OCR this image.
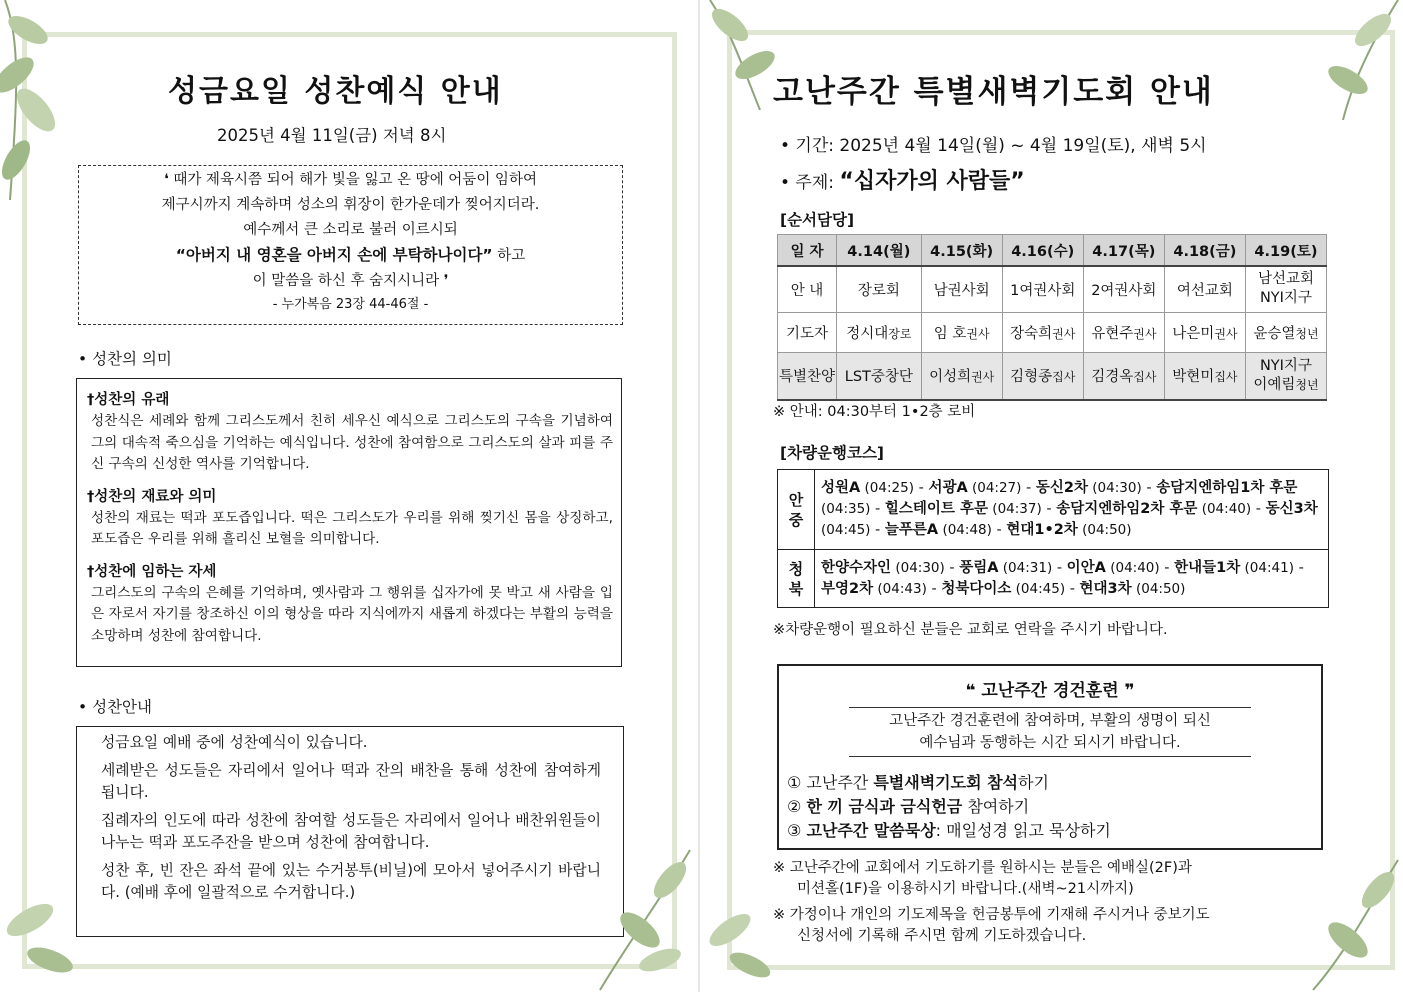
성금요일 성찬예식 안내
2025년 4월 11일(금) 저녁 8시
❛ 때가 제육시쯤 되어 해가 빛을 잃고 온 땅에 어둠이 임하여
제구시까지 계속하며 성소의 휘장이 한가운데가 찢어지더라.
예수께서 큰 소리로 불러 이르시되
“아버지 내 영혼을 아버지 손에 부탁하나이다” 하고
이 말씀을 하신 후 숨지시니라 ❜
- 누가복음 23장 44-46절 -
• 성찬의 의미
†성찬의 유래
성찬식은 세례와 함께 그리스도께서 친히 세우신 예식으로 그리스도의 구속을 기념하여 그의 대속적 죽으심을 기억하는 예식입니다. 성찬에 참여함으로 그리스도의 살과 피를 주신 구속의 신성한 역사를 기억합니다.
†성찬의 재료와 의미
성찬의 재료는 떡과 포도즙입니다. 떡은 그리스도가 우리를 위해 찢기신 몸을 상징하고, 포도즙은 우리를 위해 흘리신 보혈을 의미합니다.
†성찬에 임하는 자세
그리스도의 구속의 은혜를 기억하며, 옛사람과 그 행위를 십자가에 못 박고 새 사람을 입은 자로서 자기를 창조하신 이의 형상을 따라 지식에까지 새롭게 하겠다는 부활의 능력을 소망하며 성찬에 참여합니다.
• 성찬안내

성금요일 예배 중에 성찬예식이 있습니다.

세례받은 성도들은 자리에서 일어나 떡과 잔의 배찬을 통해 성찬에 참여하게 됩니다.

집례자의 인도에 따라 성찬에 참여할 성도들은 자리에서 일어나 배찬위원들이 나누는 떡과 포도주잔을 받으며 성찬에 참여합니다.

성찬 후, 빈 잔은 좌석 끝에 있는 수거봉투(비닐)에 모아서 넣어주시기 바랍니다. (예배 후에 일괄적으로 수거합니다.)

고난주간 특별새벽기도회 안내
• 기간: 2025년 4월 14일(월) ~ 4월 19일(토), 새벽 5시
• 주제: “십자가의 사람들”
[순서담당]
일 자	4.14(월)	4.15(화)	4.16(수)	4.17(목)	4.18(금)	4.19(토)
안 내	장로회	남권사회	1여권사회	2여권사회	여선교회	남선교회
NYI지구

기도자	정시대장로	임 호권사	장숙희권사	유현주권사	나은미권사	윤승열청년
특별찬양	LST중창단	이성희권사	김형종집사	김경옥집사	박현미집사	NYI지구
이예림청년
※ 안내: 04:30부터 1•2층 로비
[차량운행코스]
안
중	성원A (04:25) - 서광A (04:27) - 동신2차 (04:30) - 송담지엔하임1차 후문 (04:35) - 힐스테이트 후문 (04:37) - 송담지엔하임2차 후문 (04:40) - 동신3차 (04:45) - 늘푸른A (04:48) - 현대1•2차 (04:50)
청
북	한양수자인 (04:30) - 풍림A (04:31) - 이안A (04:40) - 한내들1차 (04:41) - 부영2차 (04:43) - 청북다이소 (04:45) - 현대3차 (04:50)
※차량운행이 필요하신 분들은 교회로 연락을 주시기 바랍니다.
❝ 고난주간 경건훈련 ❞
고난주간 경건훈련에 참여하며, 부활의 생명이 되신
예수님과 동행하는 시간 되시기 바랍니다.
① 고난주간 특별새벽기도회 참석하기
② 한 끼 금식과 금식헌금 참여하기
③ 고난주간 말씀묵상: 매일성경 읽고 묵상하기
※ 고난주간에 교회에서 기도하기를 원하시는 분들은 예배실(2F)과
미션홀(1F)을 이용하시기 바랍니다.(새벽~21시까지)
※ 가정이나 개인의 기도제목을 헌금봉투에 기재해 주시거나 중보기도
신청서에 기록해 주시면 함께 기도하겠습니다.
